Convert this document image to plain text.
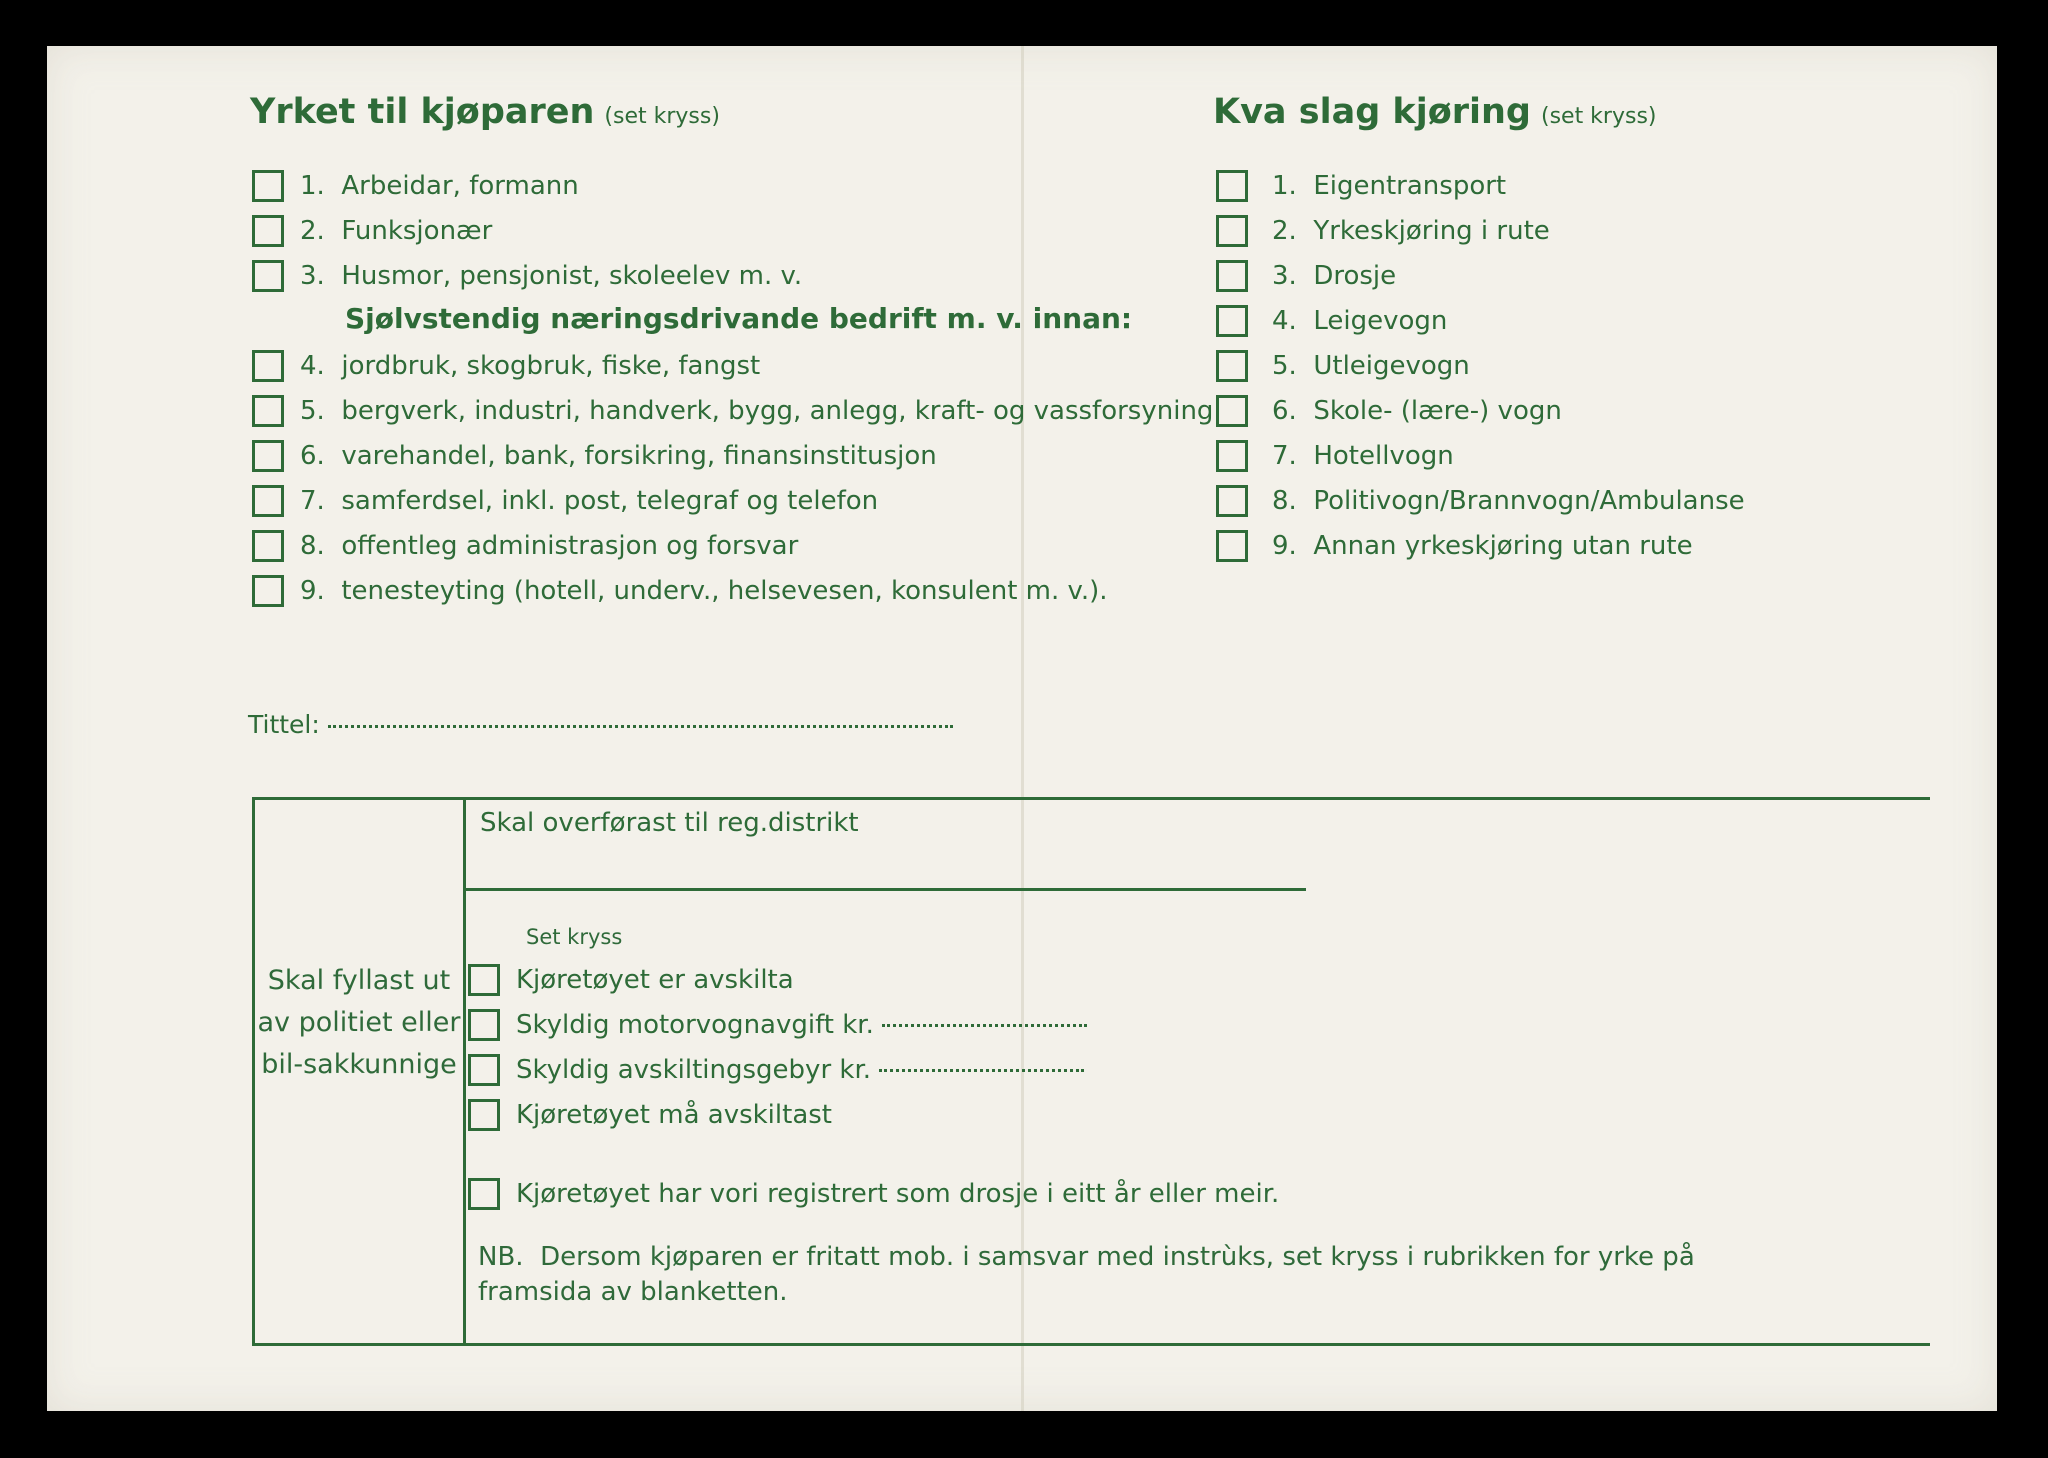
Yrket til kjøparen (set kryss)
1. Arbeidar, formann
2. Funksjonær
3. Husmor, pensjonist, skoleelev m. v.
Sjølvstendig næringsdrivande bedrift m. v. innan:
4. jordbruk, skogbruk, fiske, fangst
5. bergverk, industri, handverk, bygg, anlegg, kraft- og vassforsyning
6. varehandel, bank, forsikring, finansinstitusjon
7. samferdsel, inkl. post, telegraf og telefon
8. offentleg administrasjon og forsvar
9. tenesteyting (hotell, underv., helsevesen, konsulent m. v.).
Kva slag kjøring (set kryss)
1. Eigentransport
2. Yrkeskjøring i rute
3. Drosje
4. Leigevogn
5. Utleigevogn
6. Skole- (lære-) vogn
7. Hotellvogn
8. Politivogn/Brannvogn/Ambulanse
9. Annan yrkeskjøring utan rute
Tittel:
Skal fyllast ut av politiet eller bil-sakkunnige
Skal overførast til reg.distrikt
Set kryss
Kjøretøyet er avskilta
Skyldig motorvognavgift kr.
Skyldig avskiltingsgebyr kr.
Kjøretøyet må avskiltast
Kjøretøyet har vori registrert som drosje i eitt år eller meir.
NB. Dersom kjøparen er fritatt mob. i samsvar med instrùks, set kryss i rubrikken for yrke på framsida av blanketten.
